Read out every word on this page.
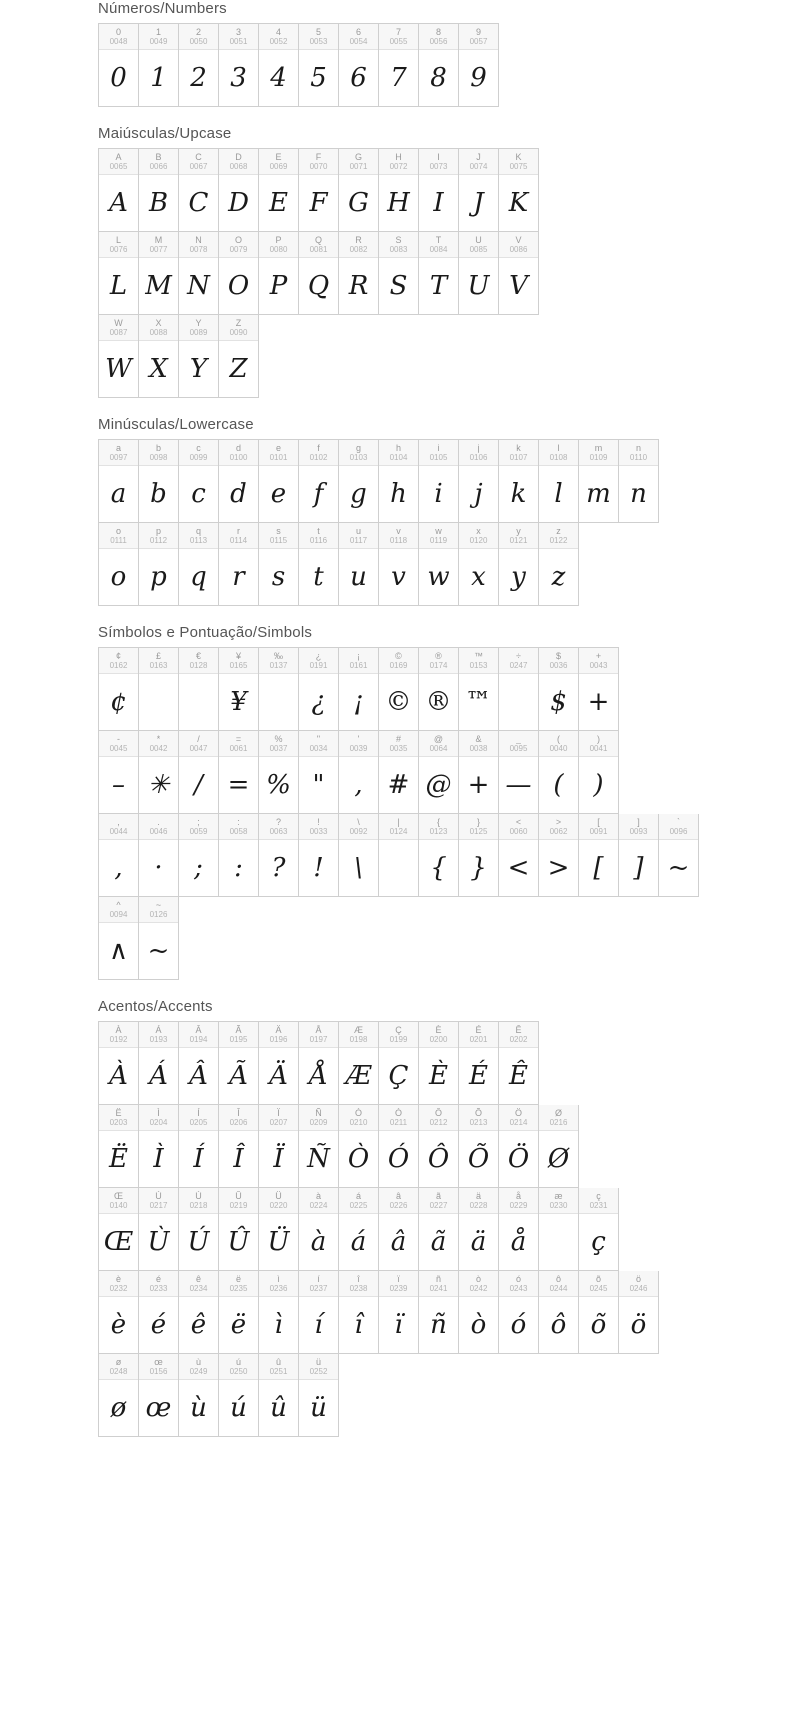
Números/Numbers
0
0048
0
1
0049
1
2
0050
2
3
0051
3
4
0052
4
5
0053
5
6
0054
6
7
0055
7
8
0056
8
9
0057
9
Maiúsculas/Upcase
A
0065
A
B
0066
B
C
0067
C
D
0068
D
E
0069
E
F
0070
F
G
0071
G
H
0072
H
I
0073
I
J
0074
J
K
0075
K
L
0076
L
M
0077
M
N
0078
N
O
0079
O
P
0080
P
Q
0081
Q
R
0082
R
S
0083
S
T
0084
T
U
0085
U
V
0086
V
W
0087
W
X
0088
X
Y
0089
Y
Z
0090
Z
Minúsculas/Lowercase
a
0097
a
b
0098
b
c
0099
c
d
0100
d
e
0101
e
f
0102
f
g
0103
g
h
0104
h
i
0105
i
j
0106
j
k
0107
k
l
0108
l
m
0109
m
n
0110
n
o
0111
o
p
0112
p
q
0113
q
r
0114
r
s
0115
s
t
0116
t
u
0117
u
v
0118
v
w
0119
w
x
0120
x
y
0121
y
z
0122
z
Símbolos e Pontuação/Simbols
¢
0162
¢
£
0163
€
0128
¥
0165
¥
‰
0137
¿
0191
¿
¡
0161
¡
©
0169
©
®
0174
®
™
0153
™
÷
0247
$
0036
$
+
0043
+
-
0045
–
*
0042
✳
/
0047
/
=
0061
=
%
0037
%
"
0034
"
'
0039
,
#
0035
#
@
0064
@
&
0038
+
_
0095
—
(
0040
(
)
0041
)
,
0044
,
.
0046
·
;
0059
;
:
0058
:
?
0063
?
!
0033
!
\
0092
\
|
0124
{
0123
{
}
0125
}
<
0060
<
>
0062
>
[
0091
[
]
0093
]
`
0096
~
^
0094
∧
~
0126
~
Acentos/Accents
À
0192
À
Á
0193
Á
Â
0194
Â
Ã
0195
Ã
Ä
0196
Ä
Å
0197
Å
Æ
0198
Æ
Ç
0199
Ç
È
0200
È
É
0201
É
Ê
0202
Ê
Ë
0203
Ë
Ì
0204
Ì
Í
0205
Í
Î
0206
Î
Ï
0207
Ï
Ñ
0209
Ñ
Ò
0210
Ò
Ó
0211
Ó
Ô
0212
Ô
Õ
0213
Õ
Ö
0214
Ö
Ø
0216
Ø
Œ
0140
Œ
Ù
0217
Ù
Ú
0218
Ú
Û
0219
Û
Ü
0220
Ü
à
0224
à
á
0225
á
â
0226
â
ã
0227
ã
ä
0228
ä
å
0229
å
æ
0230
ç
0231
ç
è
0232
è
é
0233
é
ê
0234
ê
ë
0235
ë
ì
0236
ì
í
0237
í
î
0238
î
ï
0239
ï
ñ
0241
ñ
ò
0242
ò
ó
0243
ó
ô
0244
ô
õ
0245
õ
ö
0246
ö
ø
0248
ø
œ
0156
œ
ù
0249
ù
ú
0250
ú
û
0251
û
ü
0252
ü
